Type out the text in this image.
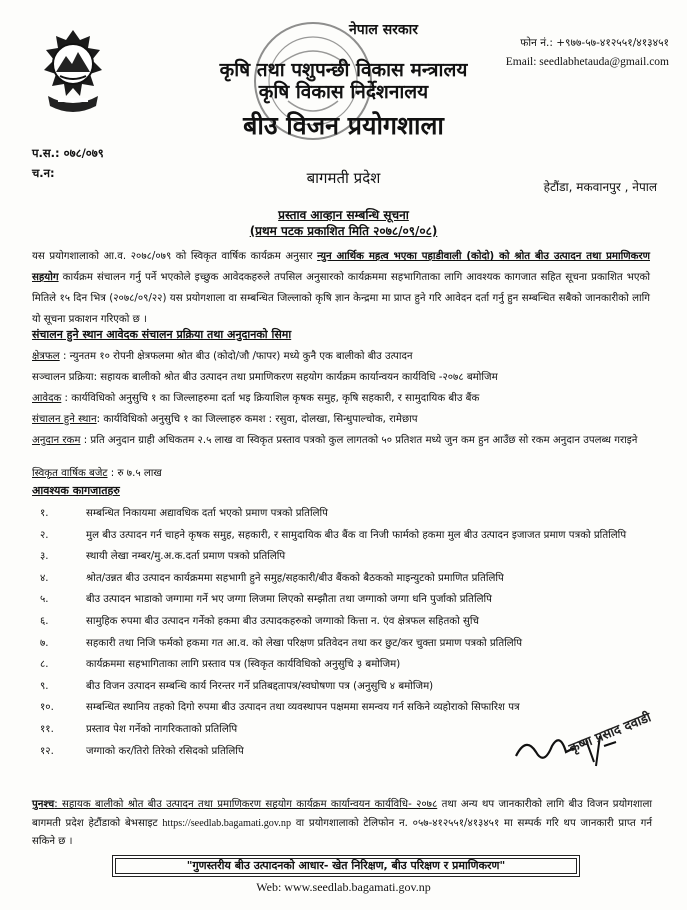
नेपाल सरकार
कृषि तथा पशुपन्छी विकास मन्त्रालय
कृषि विकास निर्देशनालय
बीउ विजन प्रयोगशाला
बागमती प्रदेश
फोन नं.: +९७७-५७-४१२५५१/४१३४५१
Email: seedlabhetauda@gmail.com
प.स.: ०७८/०७९
च.न:
हेटौंडा, मकवानपुर , नेपाल
प्रस्ताव आव्हान सम्बन्धि सूचना
(प्रथम पटक प्रकाशित मिति २०७८/०९/०८)
यस प्रयोगशालाको आ.व. २०७८/०७९ को स्विकृत वार्षिक कार्यक्रम अनुसार न्युन आर्थिक महत्व भएका पहाडीवाली (कोदो) को श्रोत बीउ उत्पादन तथा प्रमाणिकरण सहयोग कार्यक्रम संचालन गर्नु पर्ने भएकोले इच्छुक आवेदकहरुले तपसिल अनुसारको कार्यक्रममा सहभागिताका लागि आवश्यक कागजात सहित सूचना प्रकाशित भएको मितिले १५ दिन भित्र (२०७८/०९/२२) यस प्रयोगशाला वा सम्बन्धित जिल्लाको कृषि ज्ञान केन्द्रमा मा प्राप्त हुने गरि आवेदन दर्ता गर्नु हुन सम्बन्धित सबैको जानकारीको लागि यो सूचना प्रकाशन गरिएको छ ।
संचालन हुने स्थान आवेदक संचालन प्रक्रिया तथा अनुदानको सिमा
क्षेत्रफल : न्युनतम १० रोपनी क्षेत्रफलमा श्रोत बीउ (कोदो/जौ /फापर) मध्ये कुनै एक बालीको बीउ उत्पादन
सञ्चालन प्रक्रिया: सहायक बालीको श्रोत बीउ उत्पादन तथा प्रमाणिकरण सहयोग कार्यक्रम कार्यान्वयन कार्यविधि -२०७८ बमोजिम
आवेदक : कार्यविधिको अनुसुचि १ का जिल्लाहरुमा दर्ता भइ क्रियाशिल कृषक समुह, कृषि सहकारी, र सामुदायिक बीउ बैंक
संचालन हुने स्थान: कार्यविधिको अनुसुचि १ का जिल्लाहरु कमश : रसुवा, दोलखा, सिन्धुपाल्चोक, रामेछाप
अनुदान रकम : प्रति अनुदान ग्राही अधिकतम २.५ लाख वा स्विकृत प्रस्ताव पत्रको कुल लागतको ५० प्रतिशत मध्ये जुन कम हुन आउँछ सो रकम अनुदान उपलब्ध गराइने
स्विकृत वार्षिक बजेट : रु ७.५ लाख
आवश्यक कागजातहरु
१.	सम्बन्धित निकायमा अद्यावधिक दर्ता भएको प्रमाण पत्रको प्रतिलिपि
२.	मुल बीउ उत्पादन गर्न चाहने कृषक समुह, सहकारी, र सामुदायिक बीउ बैंक वा निजी फार्मको हकमा मुल बीउ उत्पादन इजाजत प्रमाण पत्रको प्रतिलिपि
३.	स्थायी लेखा नम्बर/मु.अ.क.दर्ता प्रमाण पत्रको प्रतिलिपि
४.	श्रोत/उन्नत बीउ उत्पादन कार्यक्रममा सहभागी हुने समुह/सहकारी/बीउ बैंकको बैठकको माइन्युटको प्रमाणित प्रतिलिपि
५.	बीउ उत्पादन भाडाको जग्गामा गर्ने भए जग्गा लिजमा लिएको सम्झौता तथा जग्गाको जग्गा धनि पुर्जाको प्रतिलिपि
६.	सामुहिक रुपमा बीउ उत्पादन गर्नेको हकमा बीउ उत्पादकहरुको जग्गाको कित्ता न. एंव क्षेत्रफल सहितको सुचि
७.	सहकारी तथा निजि फर्मको हकमा गत आ.व. को लेखा परिक्षण प्रतिवेदन तथा कर छुट/कर चुक्ता प्रमाण पत्रको प्रतिलिपि
८.	कार्यक्रममा सहभागिताका लागि प्रस्ताव पत्र (स्विकृत कार्यविधिको अनुसुचि ३ बमोजिम)
९.	बीउ विजन उत्पादन सम्बन्धि कार्य निरन्तर गर्ने प्रतिबद्दतापत्र/स्वघोषणा पत्र (अनुसुचि ४ बमोजिम)
१०.	सम्बन्धित स्थानिय तहको दिगो रुपमा बीउ उत्पादन तथा व्यवस्थापन पक्षममा समन्वय गर्न सकिने व्यहोराको सिफारिश पत्र
११.	प्रस्ताव पेश गर्नेको नागरिकताको प्रतिलिपि
१२.	जग्गाको कर/तिरो तिरेको रसिदको प्रतिलिपि	कृष्ण प्रसाद दवाडी
पुनश्च: सहायक बालीको श्रोत बीउ उत्पादन तथा प्रमाणिकरण सहयोग कार्यक्रम कार्यान्वयन कार्यविधि- २०७८ तथा अन्य थप जानकारीको लागि बीउ विजन प्रयोगशाला बागमती प्रदेश हेटौंडाको बेभसाइट https://seedlab.bagamati.gov.np वा प्रयोगशालाको टेलिफोन न. ०५७-४१२५५१/४१३४५१ मा सम्पर्क गरि थप जानकारी प्राप्त गर्न सकिने छ ।
"गुणस्तरीय बीउ उत्पादनको आधार- खेत निरिक्षण, बीउ परिक्षण र प्रमाणिकरण"
Web: www.seedlab.bagamati.gov.np
